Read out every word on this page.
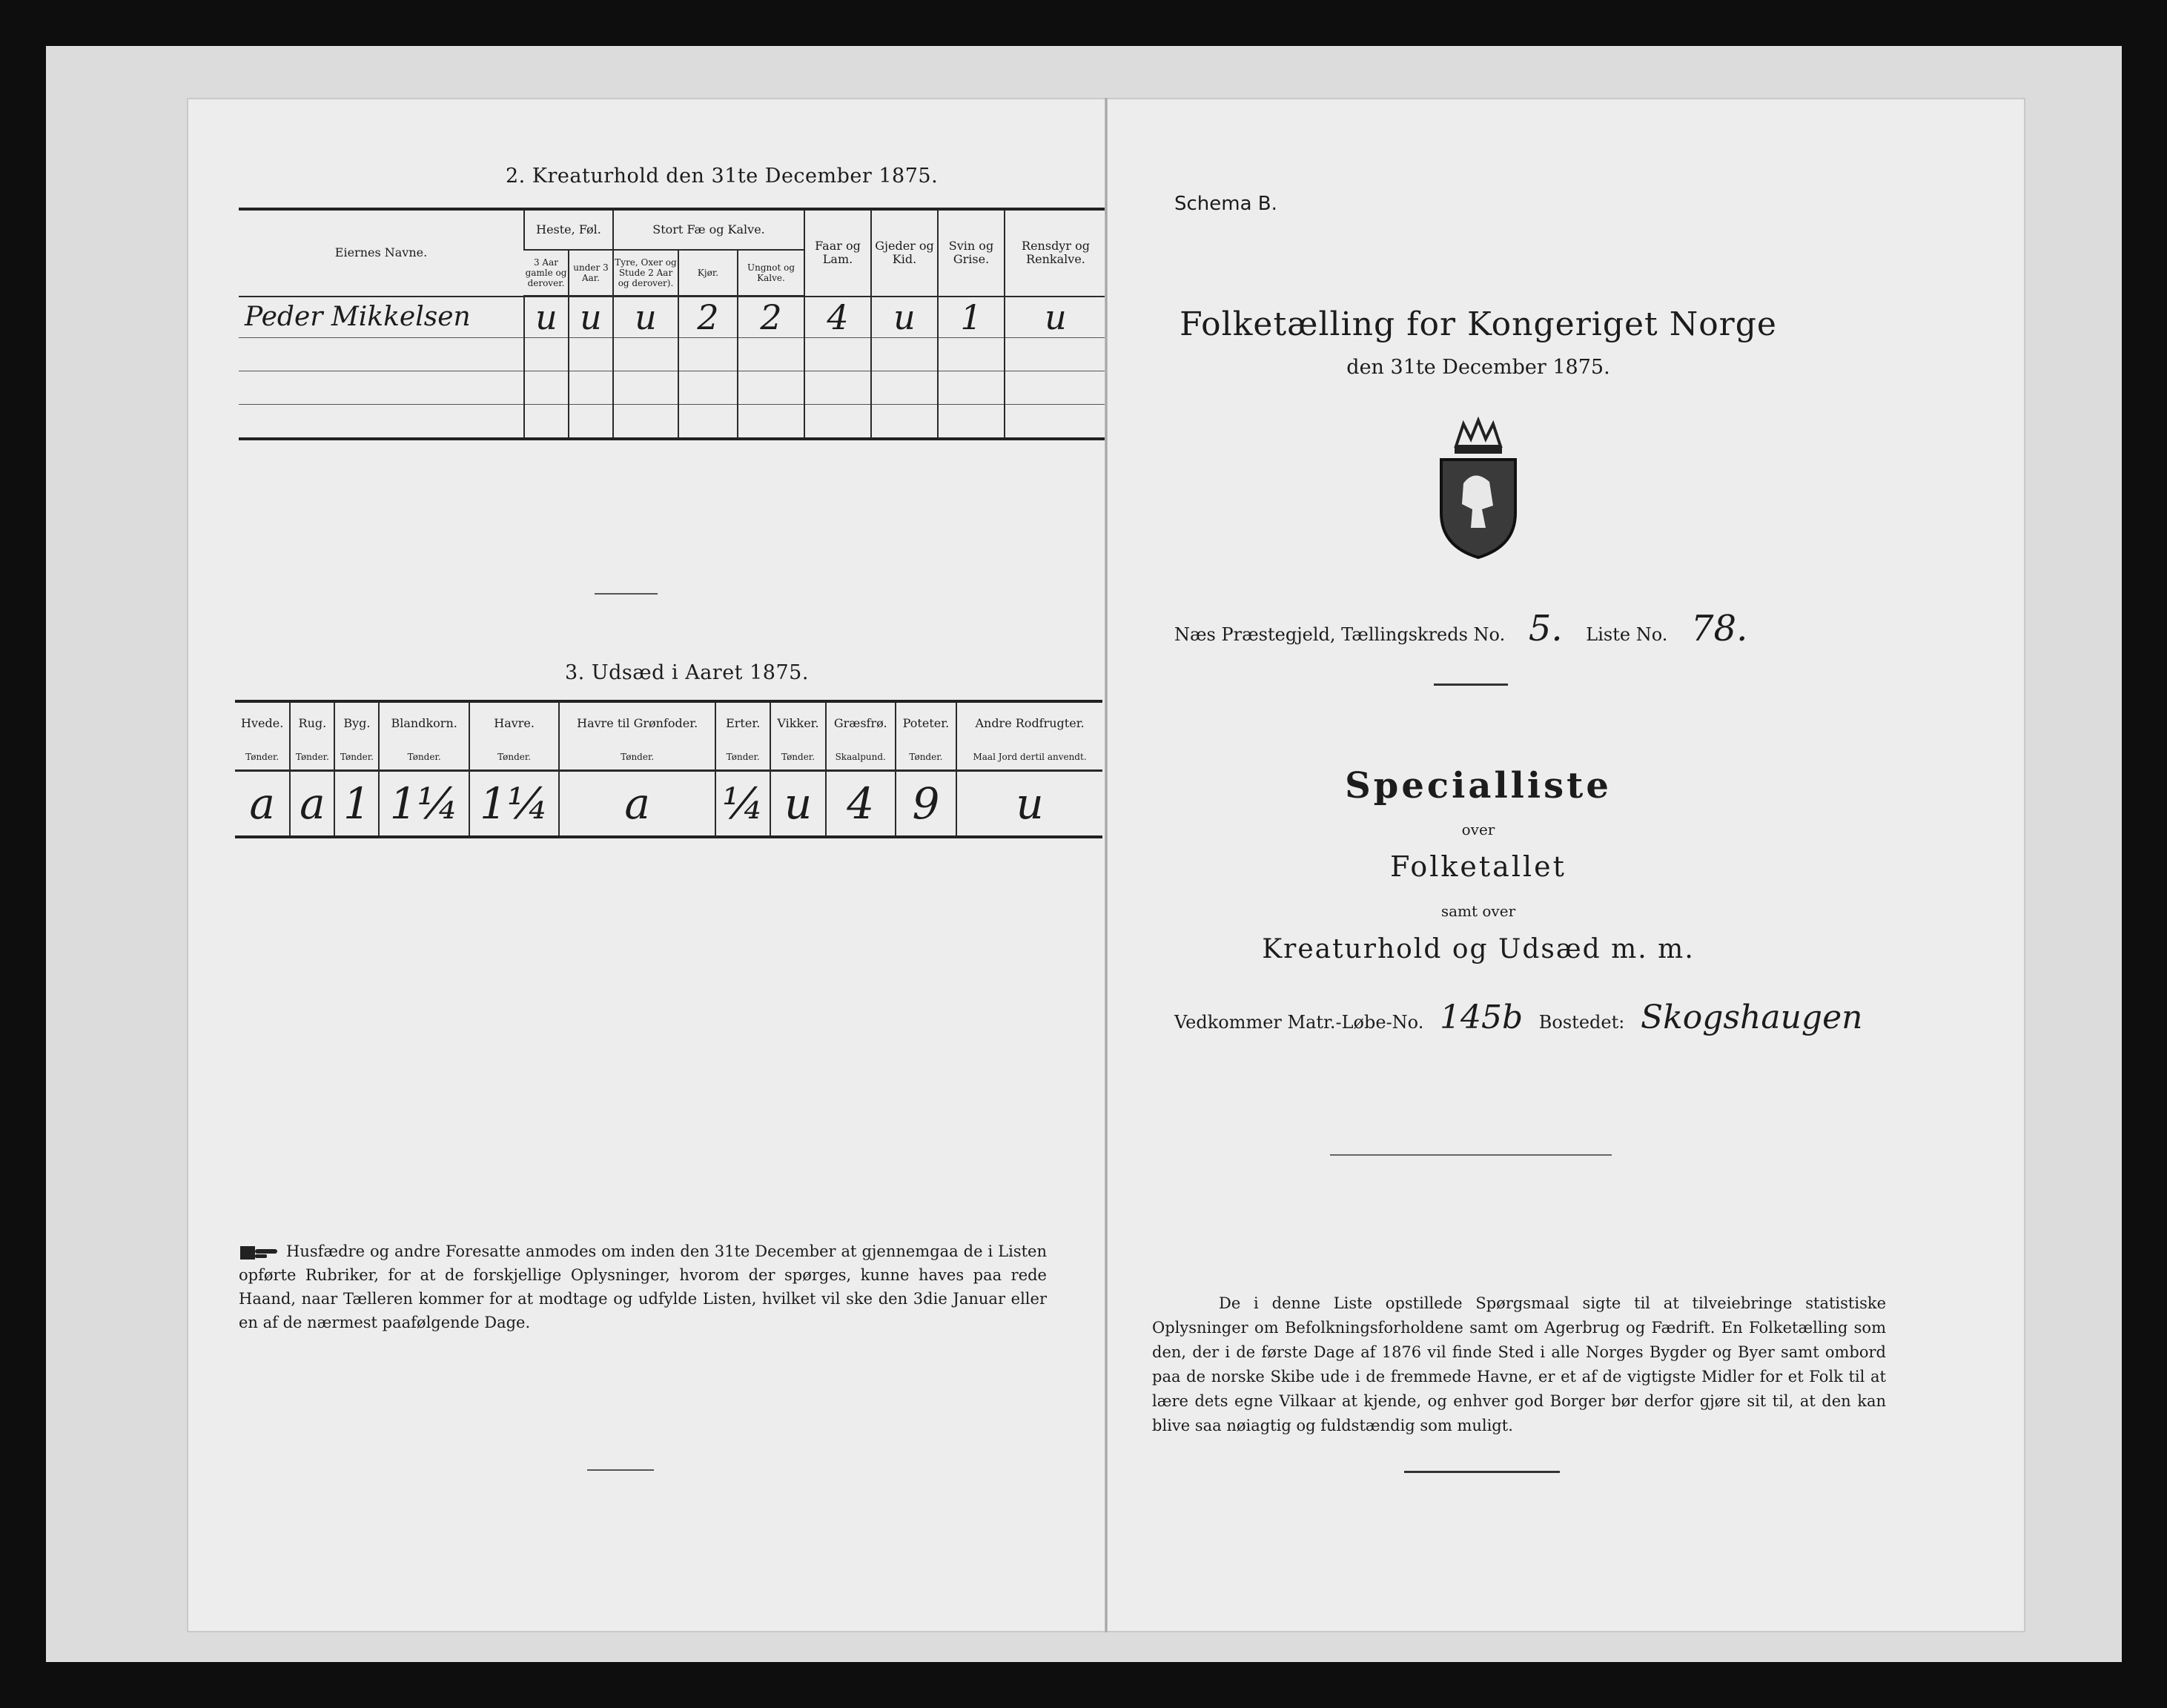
2. Kreaturhold den 31te December 1875.
Eiernes Navne.	Heste, Føl.		Stort Fæ og Kalve.			Faar og Lam.	Gjeder og Kid.	Svin og Grise.	Rensdyr og Renkalve.
	3 Aar gamle og derover.	under 3 Aar.	Tyre, Oxer og Stude 2 Aar og derover).	Kjør.	Ungnot og Kalve.				
Peder Mikkelsen	u	u	u	2	2	4	u	1	u

3. Udsæd i Aaret 1875.
Hvede.	Rug.	Byg.	Blandkorn.	Havre.	Havre til Grønfoder.	Erter.	Vikker.	Græsfrø.	Poteter.	Andre Rodfrugter.
Tønder.	Tønder.	Tønder.	Tønder.	Tønder.	Tønder.	Tønder.	Tønder.	Skaalpund.	Tønder.	Maal Jord dertil anvendt.
a	a	1	1¼	1¼	a	¼	u	4	9	u
Husfædre og andre Foresatte anmodes om inden den 31te December at gjennemgaa de i Listen opførte Rubriker, for at de forskjellige Oplysninger, hvorom der spørges, kunne haves paa rede Haand, naar Tælleren kommer for at modtage og udfylde Listen, hvilket vil ske den 3die Januar eller en af de nærmest paafølgende Dage.
Schema B.
Folketælling for Kongeriget Norge
den 31te December 1875.
Næs Præstegjeld, Tællingskreds No. 5. Liste No. 78.
Specialliste
over
Folketallet
samt over
Kreaturhold og Udsæd m. m.
Vedkommer Matr.-Løbe-No. 145b Bostedet: Skogshaugen
De i denne Liste opstillede Spørgsmaal sigte til at tilveiebringe statistiske Oplysninger om Befolkningsforholdene samt om Agerbrug og Fædrift. En Folketælling som den, der i de første Dage af 1876 vil finde Sted i alle Norges Bygder og Byer samt ombord paa de norske Skibe ude i de fremmede Havne, er et af de vigtigste Midler for et Folk til at lære dets egne Vilkaar at kjende, og enhver god Borger bør derfor gjøre sit til, at den kan blive saa nøiagtig og fuldstændig som muligt.
